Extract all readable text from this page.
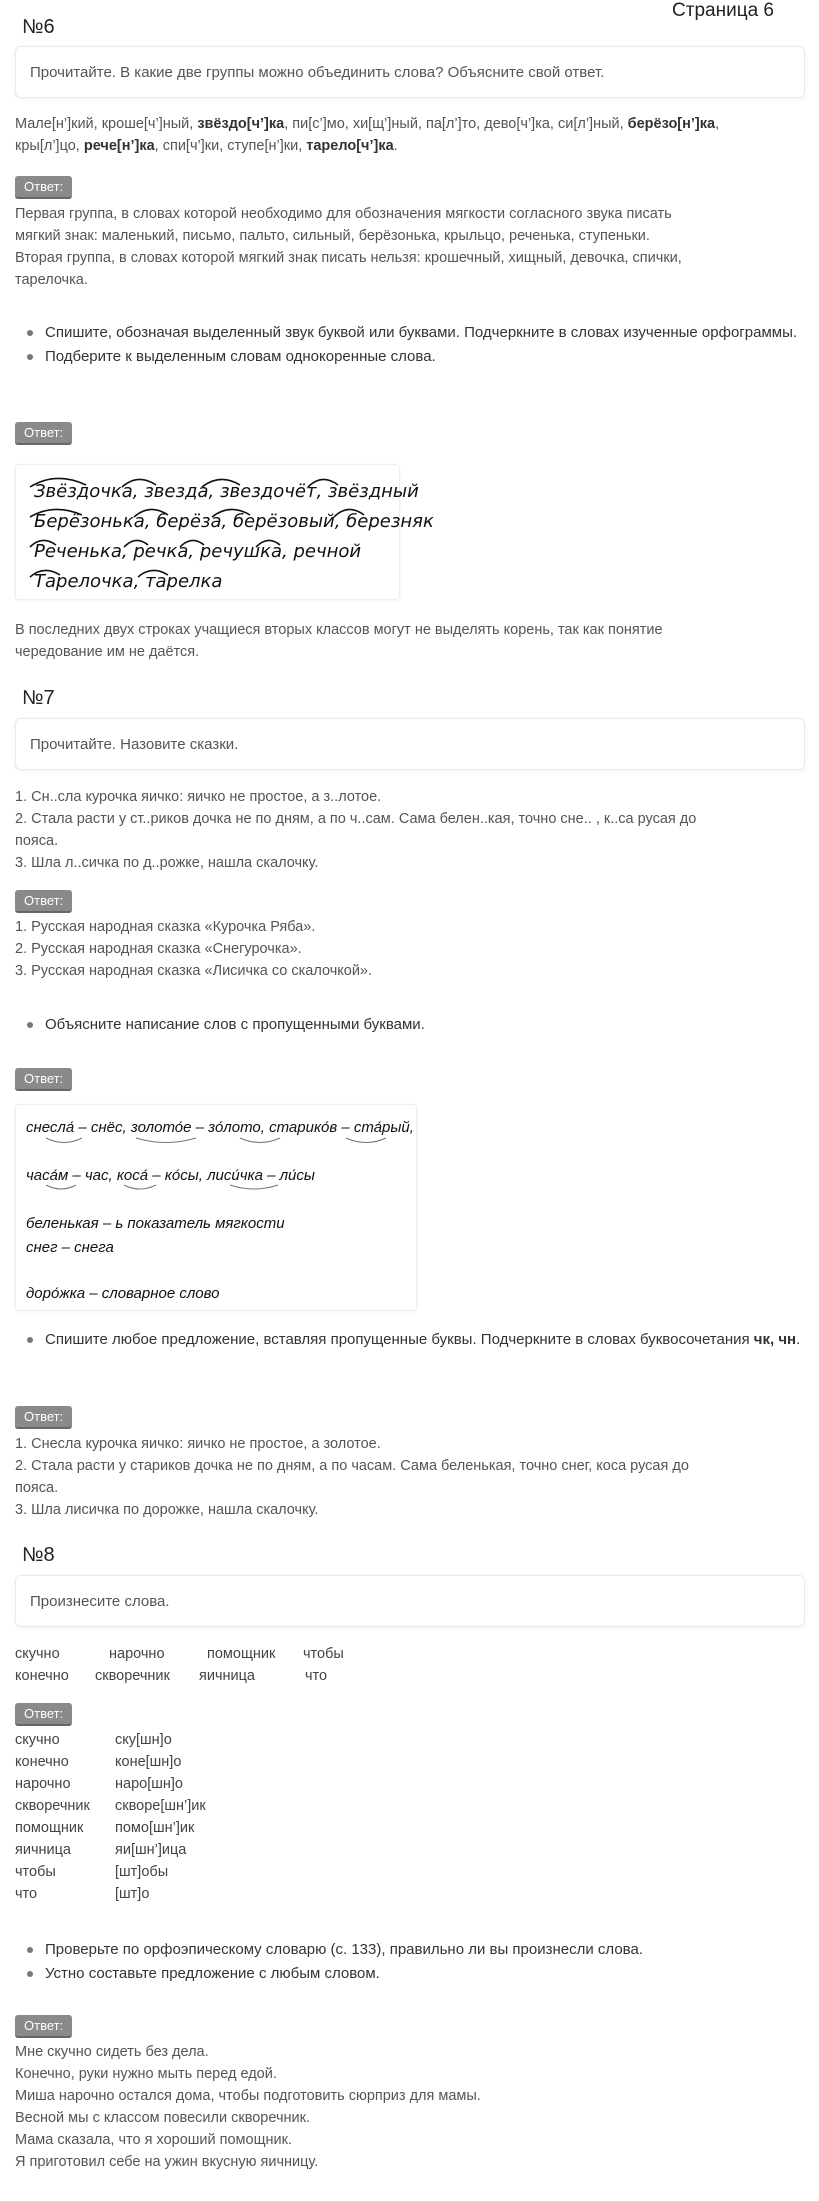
Страница 6
№6
Прочитайте. В какие две группы можно объединить слова? Объясните свой ответ.

Мале[н’]кий, кроше[ч’]ный, звёздо[ч’]ка, пи[с’]мо, хи[щ’]ный, па[л’]то, дево[ч’]ка, си[л’]ный, берёзо[н’]ка,

кры[л’]цо, рече[н’]ка, спи[ч’]ки, ступе[н’]ки, тарело[ч’]ка.

Ответ:

Первая группа, в словах которой необходимо для обозначения мягкости согласного звука писать

мягкий знак: маленький, письмо, пальто, сильный, берёзонька, крыльцо, реченька, ступеньки.

Вторая группа, в словах которой мягкий знак писать нельзя: крошечный, хищный, девочка, спички,

тарелочка.

Спишите, обозначая выделенный звук буквой или буквами. Подчеркните в словах изученные орфограммы.
Подберите к выделенным словам однокоренные слова.
Ответ:
Звёздочка, звезда, звездочёт, звёздный
Берёзонька, берёза, берёзовый, березняк
Реченька, речка, речушка, речной
Тарелочка, тарелка

В последних двух строках учащиеся вторых классов могут не выделять корень, так как понятие

чередование им не даётся.

№7
Прочитайте. Назовите сказки.

1. Сн..сла курочка яичко: яичко не простое, а з..лотое.

2. Стала расти у ст..риков дочка не по дням, а по ч..сам. Сама белен..кая, точно сне.. , к..са русая до

пояса.

3. Шла л..сичка по д..рожке, нашла скалочку.

Ответ:

1. Русская народная сказка «Курочка Ряба».

2. Русская народная сказка «Снегурочка».

3. Русская народная сказка «Лисичка со скалочкой».

Объясните написание слов с пропущенными буквами.
Ответ:
снесла́ – снёс, золото́е – зо́лото, старико́в – ста́рый,
часа́м – час, коса́ – ко́сы, лиси́чка – ли́сы
беленькая – ь показатель мягкости
снег – снега
доро́жка – словарное слово
Спишите любое предложение, вставляя пропущенные буквы. Подчеркните в словах буквосочетания чк, чн.
Ответ:

1. Снесла курочка яичко: яичко не простое, а золотое.

2. Стала расти у стариков дочка не по дням, а по часам. Сама беленькая, точно снег, коса русая до

пояса.

3. Шла лисичка по дорожке, нашла скалочку.

№8
Произнесите слова.
скучно	нарочно	помощник	чтобы
конечно	скворечник	яичница	что
Ответ:
скучно	ску[шн]о
конечно	коне[шн]о
нарочно	наро[шн]о
скворечник	скворе[шн’]ик
помощник	помо[шн’]ик
яичница	яи[шн’]ица
чтобы	[шт]обы
что	[шт]о
Проверьте по орфоэпическому словарю (с. 133), правильно ли вы произнесли слова.
Устно составьте предложение с любым словом.
Ответ:

Мне скучно сидеть без дела.

Конечно, руки нужно мыть перед едой.

Миша нарочно остался дома, чтобы подготовить сюрприз для мамы.

Весной мы с классом повесили скворечник.

Мама сказала, что я хороший помощник.

Я приготовил себе на ужин вкусную яичницу.
